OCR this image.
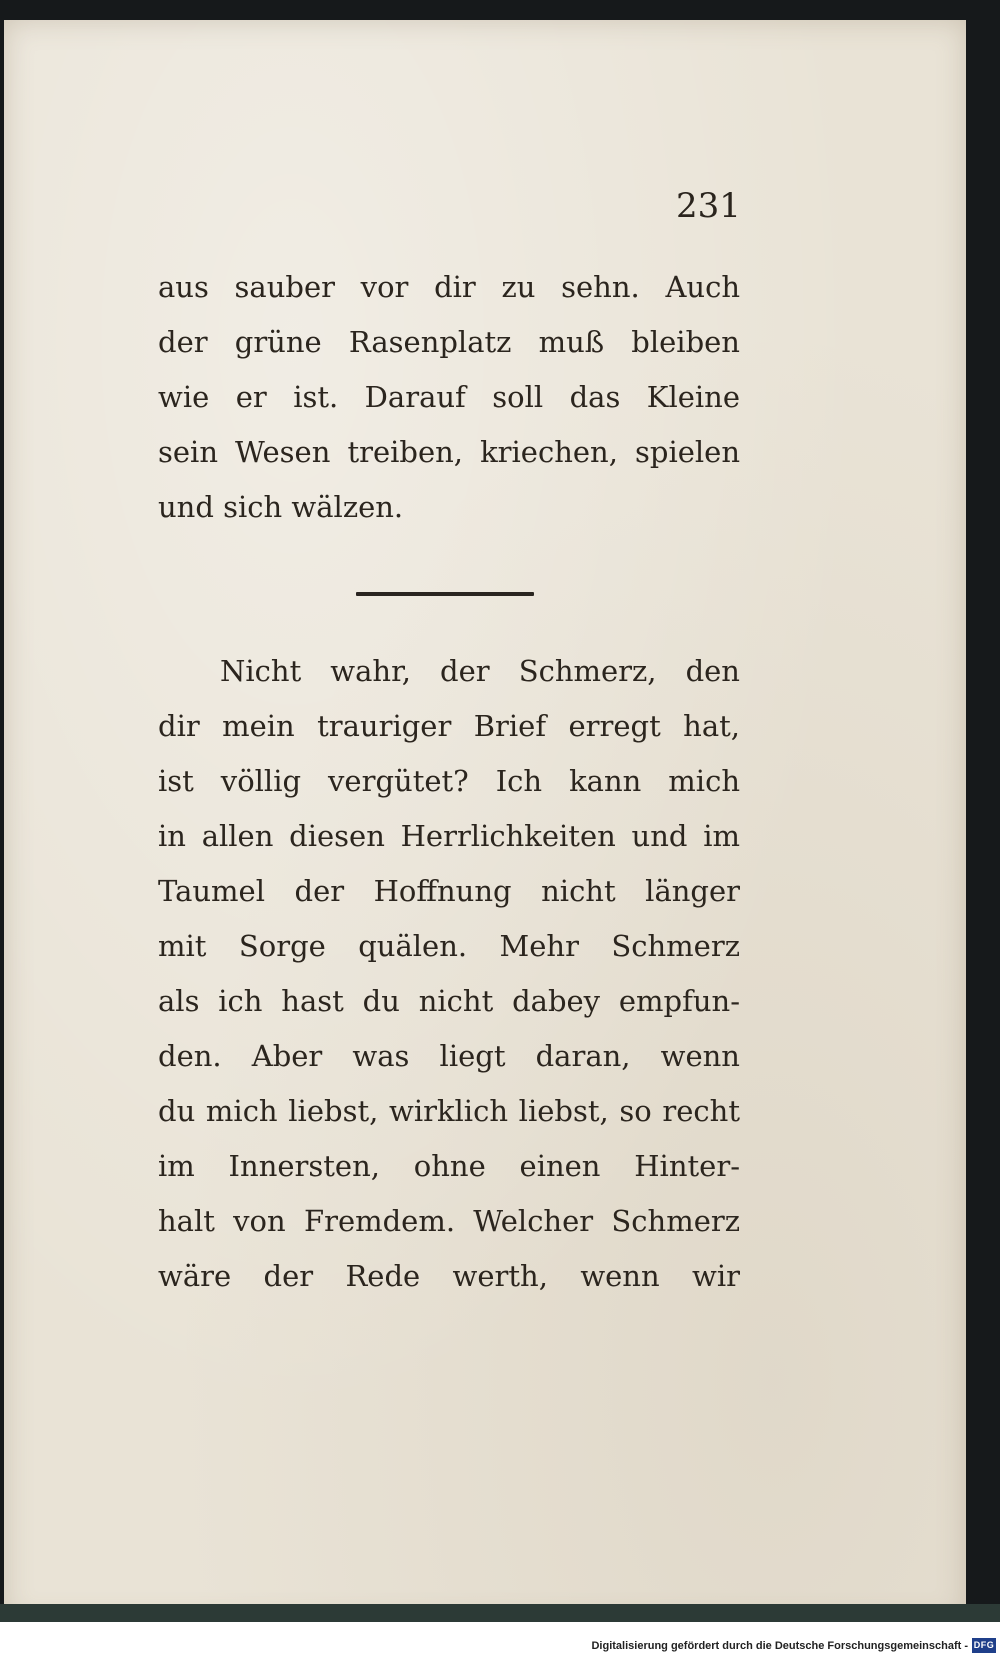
231

aus sauber vor dir zu sehn. Auch
der grüne Rasenplatz muß bleiben
wie er ist. Darauf soll das Kleine
sein Wesen treiben, kriechen, spielen
und sich wälzen.

Nicht wahr, der Schmerz, den
dir mein trauriger Brief erregt hat,
ist völlig vergütet? Ich kann mich
in allen diesen Herrlichkeiten und im
Taumel der Hoffnung nicht länger
mit Sorge quälen. Mehr Schmerz
als ich hast du nicht dabey empfun-
den. Aber was liegt daran, wenn
du mich liebst, wirklich liebst, so recht
im Innersten, ohne einen Hinter-
halt von Fremdem. Welcher Schmerz
wäre der Rede werth, wenn wir

Digitalisierung gefördert durch die Deutsche Forschungsgemeinschaft - DFG
